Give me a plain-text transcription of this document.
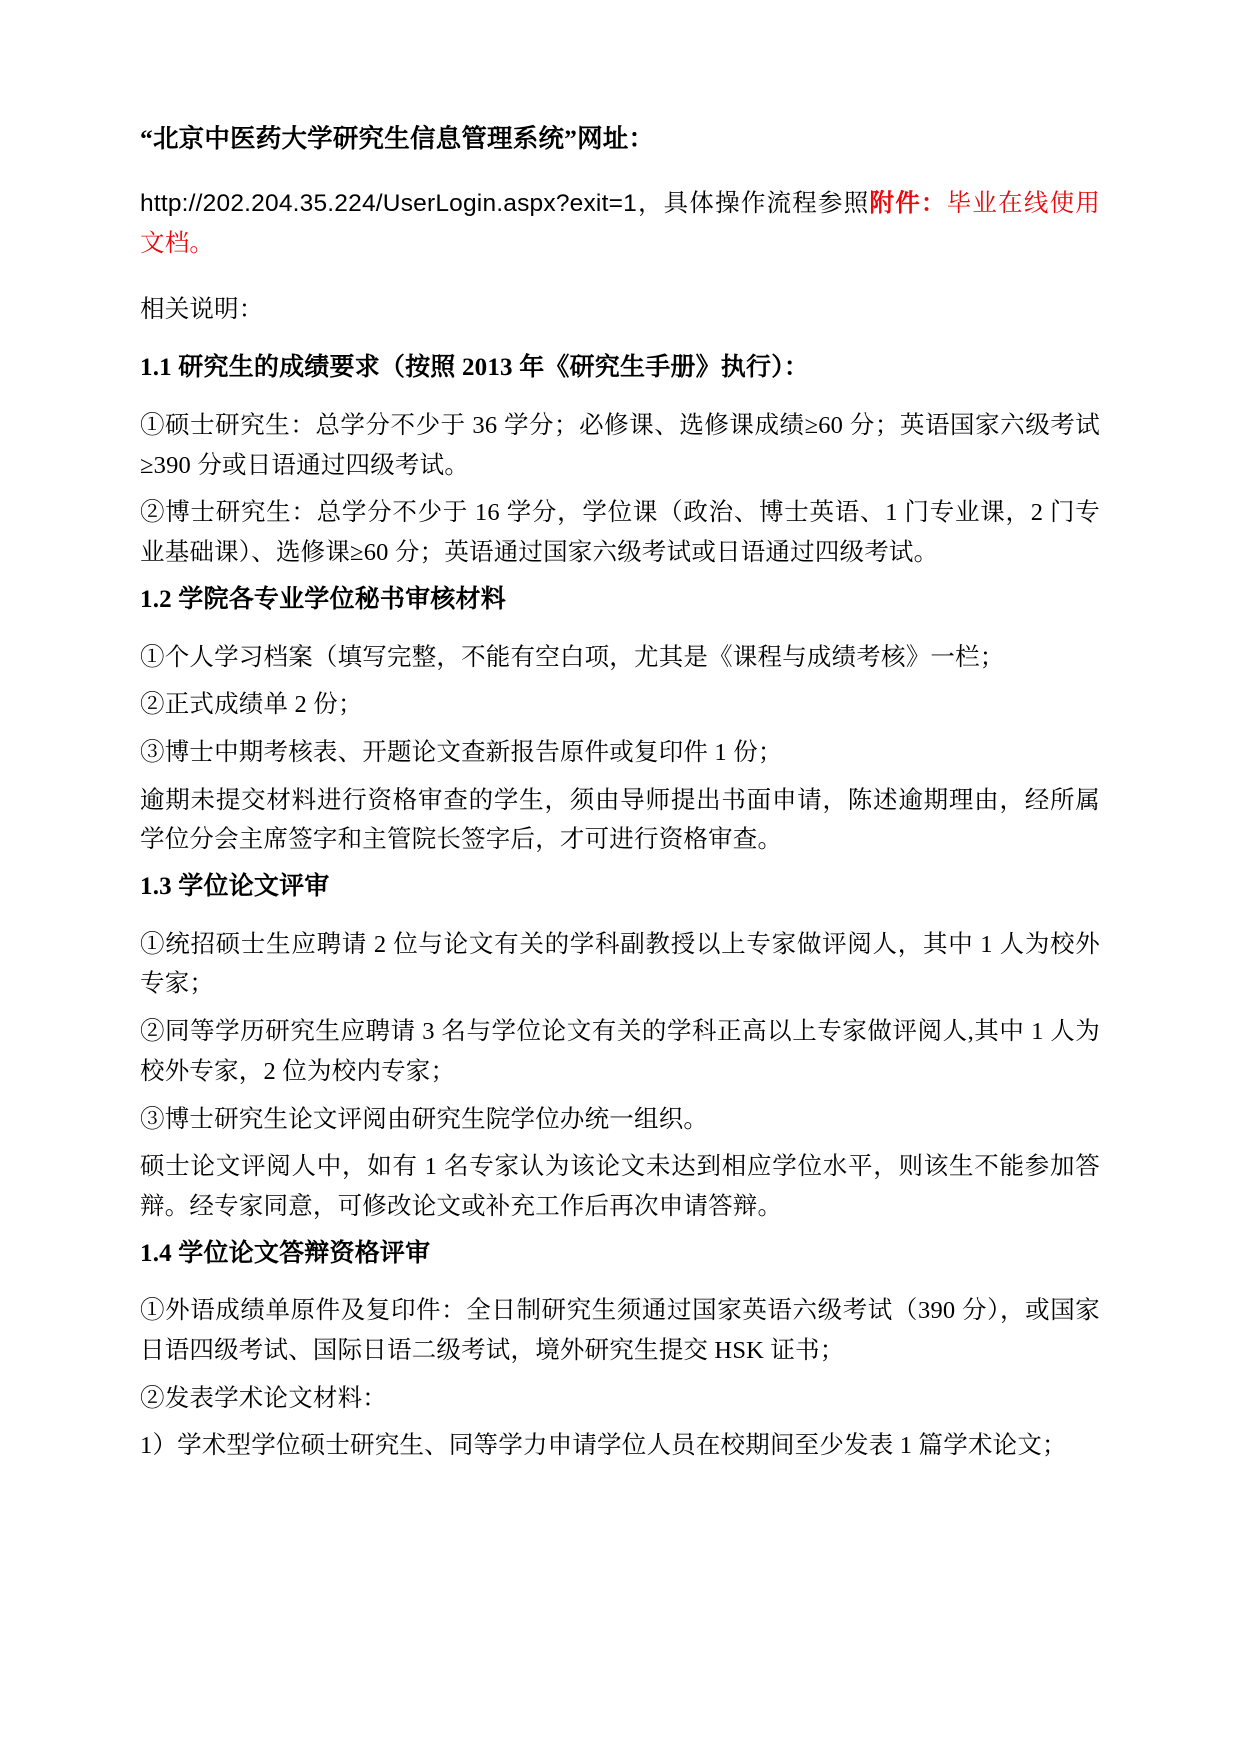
“北京中医药大学研究生信息管理系统”网址：

http://202.204.35.224/UserLogin.aspx?exit=1，具体操作流程参照附件：毕业在线使用文档。

相关说明：

1.1 研究生的成绩要求（按照 2013 年《研究生手册》执行）：

①硕士研究生：总学分不少于 36 学分；必修课、选修课成绩≥60 分；英语国家六级考试≥390 分或日语通过四级考试。

②博士研究生：总学分不少于 16 学分，学位课（政治、博士英语、1 门专业课，2 门专业基础课）、选修课≥60 分；英语通过国家六级考试或日语通过四级考试。

1.2 学院各专业学位秘书审核材料

①个人学习档案（填写完整，不能有空白项，尤其是《课程与成绩考核》一栏；

②正式成绩单 2 份；

③博士中期考核表、开题论文查新报告原件或复印件 1 份；

逾期未提交材料进行资格审查的学生，须由导师提出书面申请，陈述逾期理由，经所属学位分会主席签字和主管院长签字后，才可进行资格审查。

1.3 学位论文评审

①统招硕士生应聘请 2 位与论文有关的学科副教授以上专家做评阅人，其中 1 人为校外专家；

②同等学历研究生应聘请 3 名与学位论文有关的学科正高以上专家做评阅人,其中 1 人为校外专家，2 位为校内专家；

③博士研究生论文评阅由研究生院学位办统一组织。

硕士论文评阅人中，如有 1 名专家认为该论文未达到相应学位水平，则该生不能参加答辩。经专家同意，可修改论文或补充工作后再次申请答辩。

1.4 学位论文答辩资格评审

①外语成绩单原件及复印件：全日制研究生须通过国家英语六级考试（390 分），或国家日语四级考试、国际日语二级考试，境外研究生提交 HSK 证书；

②发表学术论文材料：

1）学术型学位硕士研究生、同等学力申请学位人员在校期间至少发表 1 篇学术论文；
